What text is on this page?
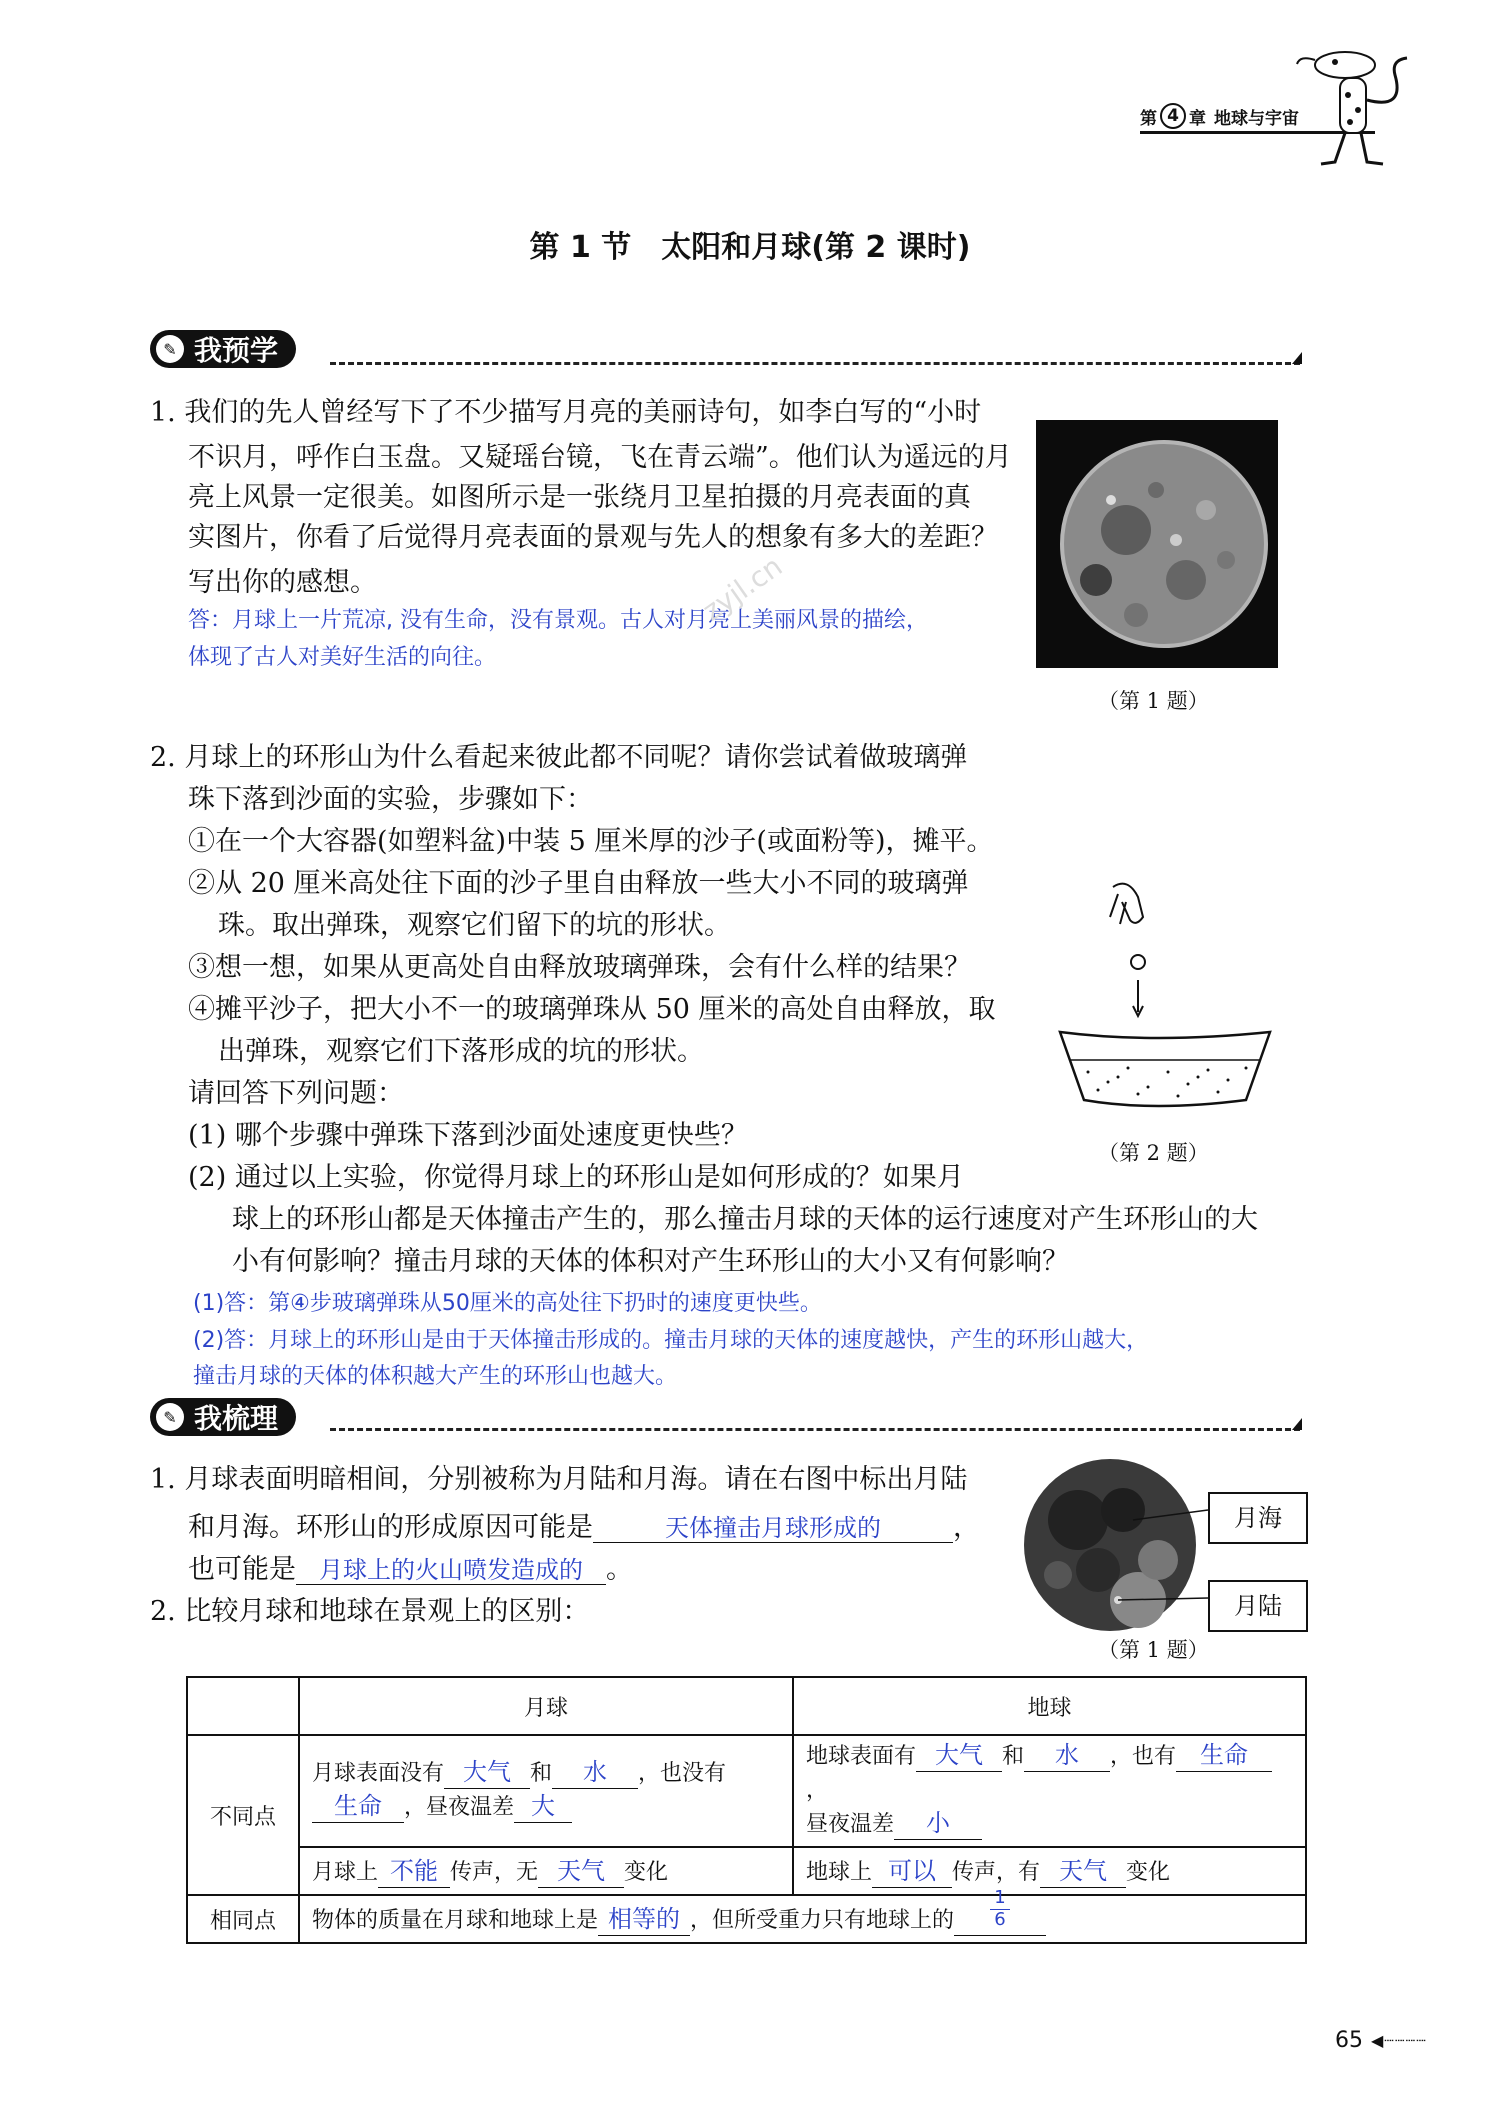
第 4 章 地球与宇宙
第 1 节　太阳和月球(第 2 课时)
✎ 我预学
1. 我们的先人曾经写下了不少描写月亮的美丽诗句，如李白写的“小时
不识月，呼作白玉盘。又疑瑶台镜，飞在青云端”。他们认为遥远的月
亮上风景一定很美。如图所示是一张绕月卫星拍摄的月亮表面的真
实图片，你看了后觉得月亮表面的景观与先人的想象有多大的差距？
写出你的感想。
答：月球上一片荒凉, 没有生命，没有景观。古人对月亮上美丽风景的描绘，
体现了古人对美好生活的向往。
（第 1 题）
zyjl.cn
2. 月球上的环形山为什么看起来彼此都不同呢？请你尝试着做玻璃弹
珠下落到沙面的实验，步骤如下：
①在一个大容器(如塑料盆)中装 5 厘米厚的沙子(或面粉等)，摊平。
②从 20 厘米高处往下面的沙子里自由释放一些大小不同的玻璃弹
珠。取出弹珠，观察它们留下的坑的形状。
③想一想，如果从更高处自由释放玻璃弹珠，会有什么样的结果？
④摊平沙子，把大小不一的玻璃弹珠从 50 厘米的高处自由释放，取
出弹珠，观察它们下落形成的坑的形状。
请回答下列问题：
(1) 哪个步骤中弹珠下落到沙面处速度更快些？
(2) 通过以上实验，你觉得月球上的环形山是如何形成的？如果月
球上的环形山都是天体撞击产生的，那么撞击月球的天体的运行速度对产生环形山的大
小有何影响？撞击月球的天体的体积对产生环形山的大小又有何影响？
(1)答：第④步玻璃弹珠从50厘米的高处往下扔时的速度更快些。
(2)答：月球上的环形山是由于天体撞击形成的。撞击月球的天体的速度越快，产生的环形山越大，
撞击月球的天体的体积越大产生的环形山也越大。
（第 2 题）
✎ 我梳理
1. 月球表面明暗相间，分别被称为月陆和月海。请在右图中标出月陆
和月海。环形山的形成原因可能是	天体撞击月球形成的	，
也可能是 月球上的火山喷发造成的 。
2. 比较月球和地球在景观上的区别：
月海
月陆
（第 1 题）
	月球	地球
不同点	月球表面没有 大气 和 水 ，也没有
生命 ，昼夜温差 大	地球表面有 大气 和 水 ，也有 生命，
昼夜温差 小
	月球上 不能 传声，无 天气 变化	地球上 可以 传声，有 天气 变化
相同点	物体的质量在月球和地球上是 相等的 ，但所受重力只有地球上的 $\frac{1}{6}$
65 ◀┈┈┈┈
